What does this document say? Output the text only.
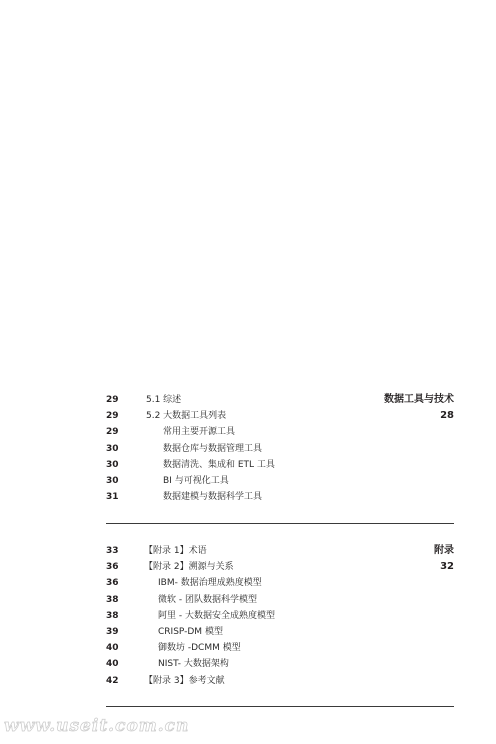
数据工具与技术
28
29	5.1 综述
29	5.2 大数据工具列表
29	常用主要开源工具
30	数据仓库与数据管理工具
30	数据清洗、集成和 ETL 工具
30	BI 与可视化工具
31	数据建模与数据科学工具
附录
32
33	【附录 1】术语
36	【附录 2】溯源与关系
36	IBM- 数据治理成熟度模型
38	微软 - 团队数据科学模型
38	阿里 - 大数据安全成熟度模型
39	CRISP-DM 模型
40	御数坊 -DCMM 模型
40	NIST- 大数据架构
42	【附录 3】参考文献
www.useit.com.cn
